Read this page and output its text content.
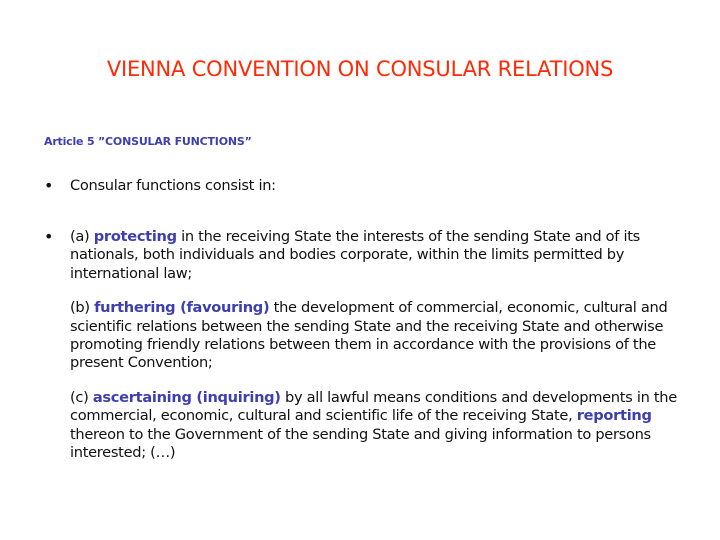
VIENNA CONVENTION ON CONSULAR RELATIONS
Article 5 ”CONSULAR FUNCTIONS”
•	Consular functions consist in:
•	(a) protecting in the receiving State the interests of the sending State and of its nationals, both individuals and bodies corporate, within the limits permitted by international law;

(b) furthering (favouring) the development of commercial, economic, cultural and scientific relations between the sending State and the receiving State and otherwise promoting friendly relations between them in accordance with the provisions of the present Convention;

(c) ascertaining (inquiring) by all lawful means conditions and developments in the commercial, economic, cultural and scientific life of the receiving State, reporting thereon to the Government of the sending State and giving information to persons interested; (…)
